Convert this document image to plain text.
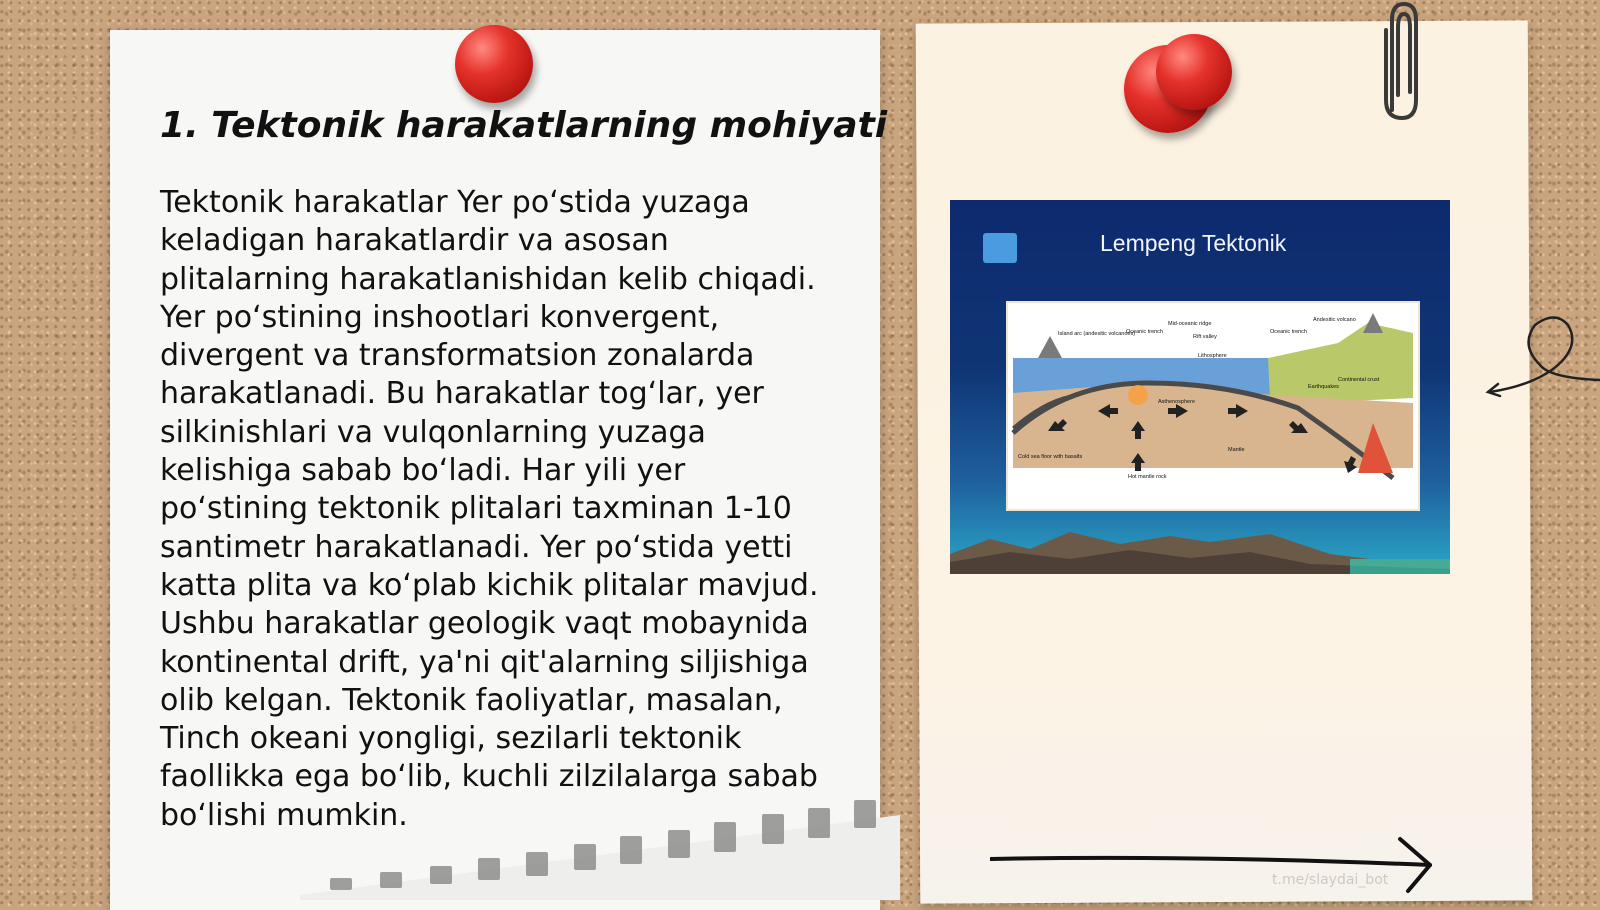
1. Tektonik harakatlarning mohiyati

Tektonik harakatlar Yer po‘stida yuzaga keladigan harakatlardir va asosan plitalarning harakatlanishidan kelib chiqadi. Yer po‘stining inshootlari konvergent, divergent va transformatsion zonalarda harakatlanadi. Bu harakatlar tog‘lar, yer silkinishlari va vulqonlarning yuzaga kelishiga sabab bo‘ladi. Har yili yer po‘stining tektonik plitalari taxminan 1-10 santimetr harakatlanadi. Yer po‘stida yetti katta plita va ko‘plab kichik plitalar mavjud. Ushbu harakatlar geologik vaqt mobaynida kontinental drift, ya'ni qit'alarning siljishiga olib kelgan. Tektonik faoliyatlar, masalan, Tinch okeani yongligi, sezilarli tektonik faollikka ega bo‘lib, kuchli zilzilalarga sabab bo‘lishi mumkin.

Lempeng Tektonik
Island arc (andesitic volcanoes)
Oceanic trench
Mid-oceanic ridge
Rift valley
Oceanic trench
Andesitic volcano
Earthquakes
Lithosphere
Continental crust
Asthenosphere
Mantle
Hot mantle rock
Cold sea floor with basalts
t.me/slaydai_bot
